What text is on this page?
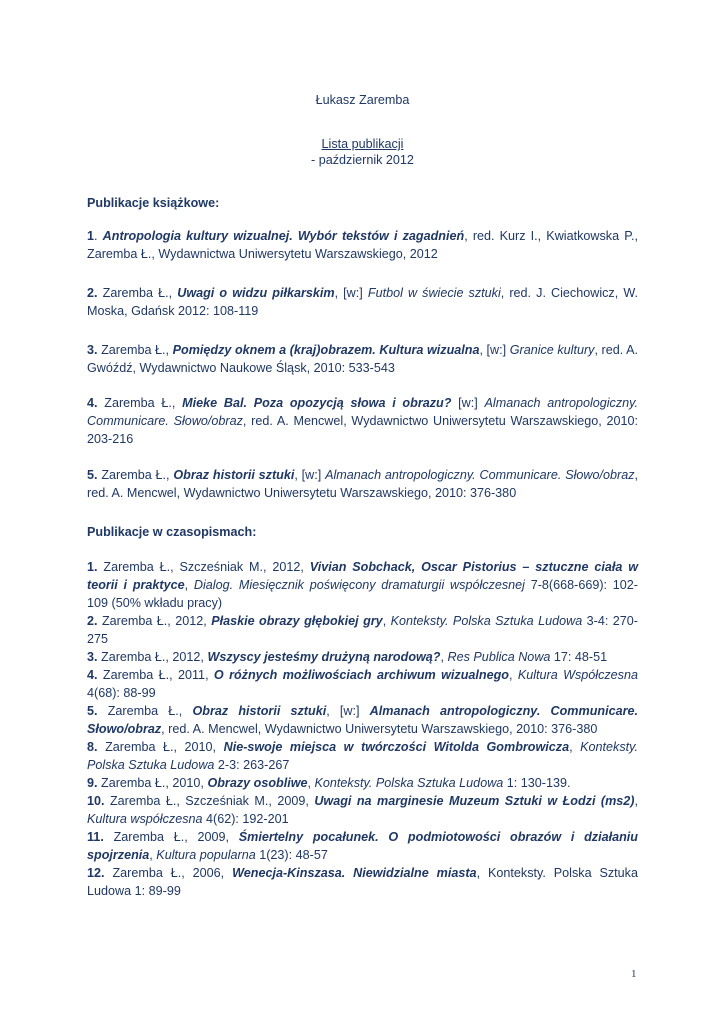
Łukasz Zaremba
Lista publikacji
- październik 2012
Publikacje książkowe:
1. Antropologia kultury wizualnej. Wybór tekstów i zagadnień, red. Kurz I., Kwiatkowska P., Zaremba Ł., Wydawnictwa Uniwersytetu Warszawskiego, 2012
2. Zaremba Ł., Uwagi o widzu piłkarskim, [w:] Futbol w świecie sztuki, red. J. Ciechowicz, W. Moska, Gdańsk 2012: 108-119
3. Zaremba Ł., Pomiędzy oknem a (kraj)obrazem. Kultura wizualna, [w:] Granice kultury, red. A. Gwóźdź, Wydawnictwo Naukowe Śląsk, 2010: 533-543
4. Zaremba Ł., Mieke Bal. Poza opozycją słowa i obrazu? [w:] Almanach antropologiczny. Communicare. Słowo/obraz, red. A. Mencwel, Wydawnictwo Uniwersytetu Warszawskiego, 2010: 203-216
5. Zaremba Ł., Obraz historii sztuki, [w:] Almanach antropologiczny. Communicare. Słowo/obraz, red. A. Mencwel, Wydawnictwo Uniwersytetu Warszawskiego, 2010: 376-380
Publikacje w czasopismach:

1. Zaremba Ł., Szcześniak M., 2012, Vivian Sobchack, Oscar Pistorius – sztuczne ciała w teorii i praktyce, Dialog. Miesięcznik poświęcony dramaturgii współczesnej 7-8(668-669): 102-109 (50% wkładu pracy)

2. Zaremba Ł., 2012, Płaskie obrazy głębokiej gry, Konteksty. Polska Sztuka Ludowa 3-4: 270-275

3. Zaremba Ł., 2012, Wszyscy jesteśmy drużyną narodową?, Res Publica Nowa 17: 48-51

4. Zaremba Ł., 2011, O różnych możliwościach archiwum wizualnego, Kultura Współczesna 4(68): 88-99

5. Zaremba Ł., Obraz historii sztuki, [w:] Almanach antropologiczny. Communicare. Słowo/obraz, red. A. Mencwel, Wydawnictwo Uniwersytetu Warszawskiego, 2010: 376-380

8. Zaremba Ł., 2010, Nie-swoje miejsca w twórczości Witolda Gombrowicza, Konteksty. Polska Sztuka Ludowa 2-3: 263-267

9. Zaremba Ł., 2010, Obrazy osobliwe, Konteksty. Polska Sztuka Ludowa 1: 130-139.

10. Zaremba Ł., Szcześniak M., 2009, Uwagi na marginesie Muzeum Sztuki w Łodzi (ms2), Kultura współczesna 4(62): 192-201

11. Zaremba Ł., 2009, Śmiertelny pocałunek. O podmiotowości obrazów i działaniu spojrzenia, Kultura popularna 1(23): 48-57

12. Zaremba Ł., 2006, Wenecja-Kinszasa. Niewidzialne miasta, Konteksty. Polska Sztuka Ludowa 1: 89-99

1
